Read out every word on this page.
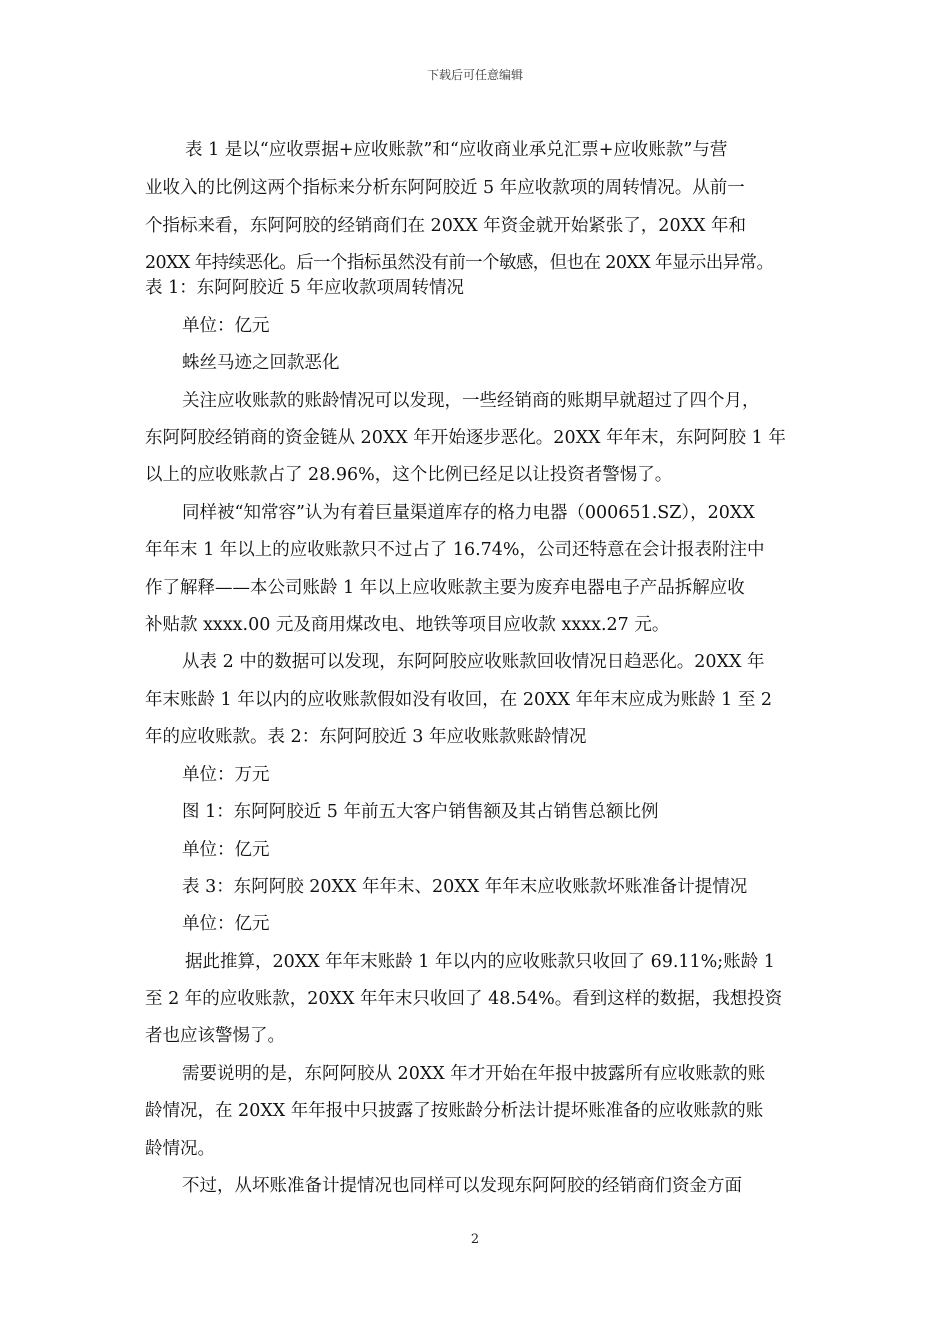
下载后可任意编辑
表 1 是以“应收票据+应收账款”和“应收商业承兑汇票+应收账款”与营
业收入的比例这两个指标来分析东阿阿胶近 5 年应收款项的周转情况。从前一
个指标来看，东阿阿胶的经销商们在 20XX 年资金就开始紧张了，20XX 年和
20XX 年持续恶化。后一个指标虽然没有前一个敏感，但也在 20XX 年显示出异常。
表 1：东阿阿胶近 5 年应收款项周转情况
单位：亿元
蛛丝马迹之回款恶化
关注应收账款的账龄情况可以发现，一些经销商的账期早就超过了四个月，
东阿阿胶经销商的资金链从 20XX 年开始逐步恶化。20XX 年年末，东阿阿胶 1 年
以上的应收账款占了 28.96%，这个比例已经足以让投资者警惕了。
同样被“知常容”认为有着巨量渠道库存的格力电器（000651.SZ），20XX
年年末 1 年以上的应收账款只不过占了 16.74%，公司还特意在会计报表附注中
作了解释——本公司账龄 1 年以上应收账款主要为废弃电器电子产品拆解应收
补贴款 xxxx.00 元及商用煤改电、地铁等项目应收款 xxxx.27 元。
从表 2 中的数据可以发现，东阿阿胶应收账款回收情况日趋恶化。20XX 年
年末账龄 1 年以内的应收账款假如没有收回，在 20XX 年年末应成为账龄 1 至 2
年的应收账款。表 2：东阿阿胶近 3 年应收账款账龄情况
单位：万元
图 1：东阿阿胶近 5 年前五大客户销售额及其占销售总额比例
单位：亿元
表 3：东阿阿胶 20XX 年年末、20XX 年年末应收账款坏账准备计提情况
单位：亿元
据此推算，20XX 年年末账龄 1 年以内的应收账款只收回了 69.11%;账龄 1
至 2 年的应收账款，20XX 年年末只收回了 48.54%。看到这样的数据，我想投资
者也应该警惕了。
需要说明的是，东阿阿胶从 20XX 年才开始在年报中披露所有应收账款的账
龄情况，在 20XX 年年报中只披露了按账龄分析法计提坏账准备的应收账款的账
龄情况。
不过，从坏账准备计提情况也同样可以发现东阿阿胶的经销商们资金方面
2
